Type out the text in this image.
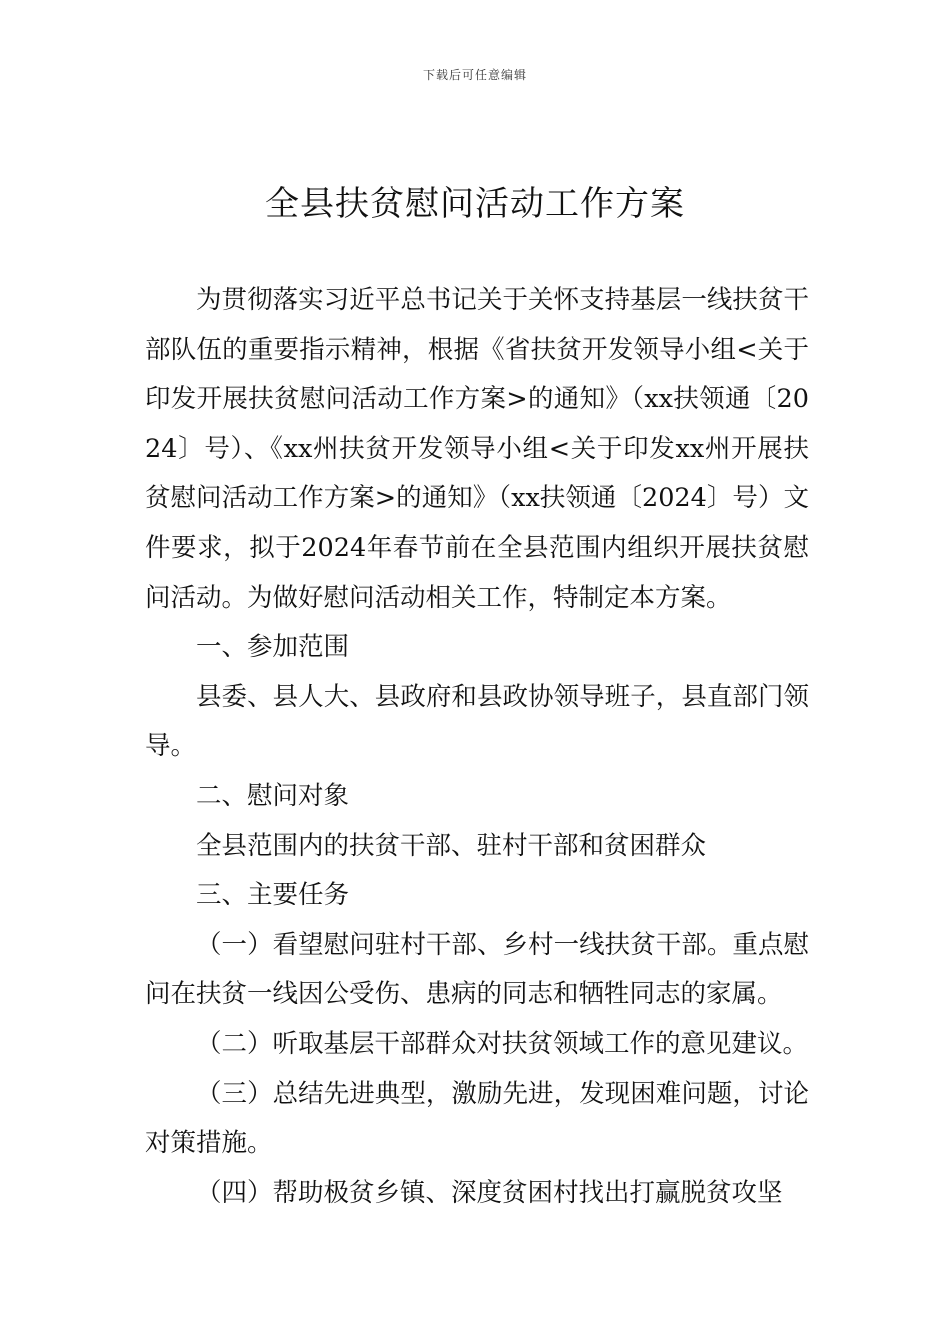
下载后可任意编辑
全县扶贫慰问活动工作方案

为贯彻落实习近平总书记关于关怀支持基层一线扶贫干部队伍的重要指示精神，根据《省扶贫开发领导小组<关于印发开展扶贫慰问活动工作方案>的通知》（xx扶领通〔2024〕号）、《xx州扶贫开发领导小组<关于印发xx州开展扶贫慰问活动工作方案>的通知》（xx扶领通〔2024〕号）文件要求，拟于2024年春节前在全县范围内组织开展扶贫慰问活动。为做好慰问活动相关工作，特制定本方案。

一、参加范围

县委、县人大、县政府和县政协领导班子，县直部门领导。

二、慰问对象

全县范围内的扶贫干部、驻村干部和贫困群众

三、主要任务

（一）看望慰问驻村干部、乡村一线扶贫干部。重点慰问在扶贫一线因公受伤、患病的同志和牺牲同志的家属。

（二）听取基层干部群众对扶贫领域工作的意见建议。

（三）总结先进典型，激励先进，发现困难问题，讨论对策措施。

（四）帮助极贫乡镇、深度贫困村找出打赢脱贫攻坚
